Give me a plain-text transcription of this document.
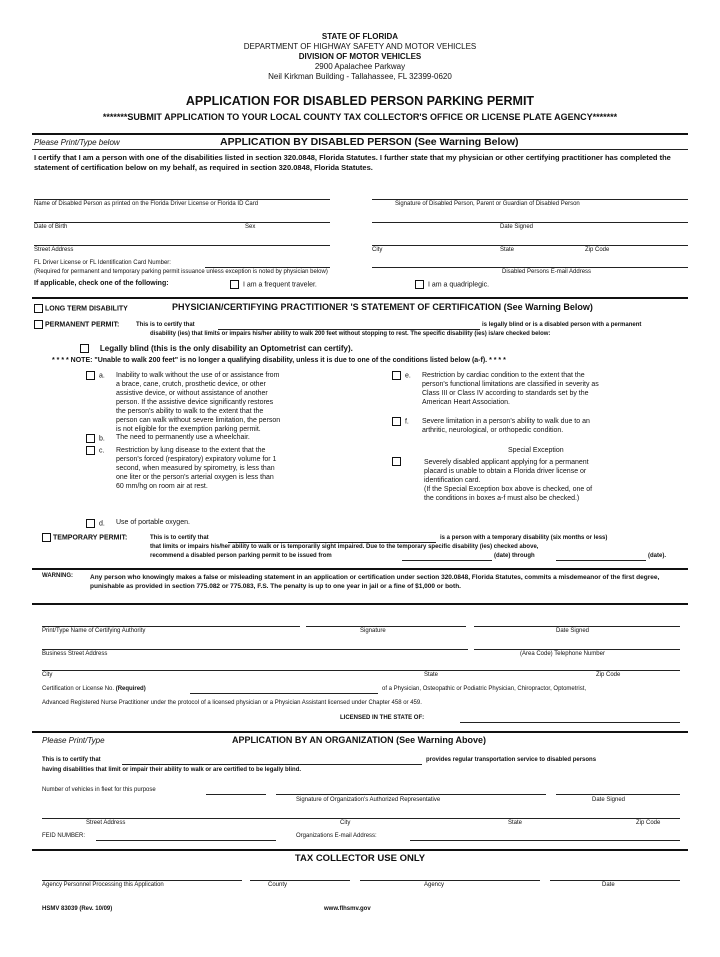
STATE OF FLORIDA
DEPARTMENT OF HIGHWAY SAFETY AND MOTOR VEHICLES
DIVISION OF MOTOR VEHICLES
2900 Apalachee Parkway
Neil Kirkman Building - Tallahassee, FL 32399-0620
APPLICATION FOR DISABLED PERSON PARKING PERMIT
*******SUBMIT APPLICATION TO YOUR LOCAL COUNTY TAX COLLECTOR'S OFFICE OR LICENSE PLATE AGENCY*******
Please Print/Type below	APPLICATION BY DISABLED PERSON (See Warning Below)
I certify that I am a person with one of the disabilities listed in section 320.0848, Florida Statutes. I further state that my physician or other certifying practitioner has completed the statement of certification below on my behalf, as required in section 320.0848, Florida Statutes.
Name of Disabled Person as printed on the Florida Driver License or Florida ID Card	Signature of Disabled Person, Parent or Guardian of Disabled Person
Date of Birth	Sex	Date Signed
Street Address	City	State	Zip Code
FL Driver License or FL Identification Card Number:
(Required for permanent and temporary parking permit issuance unless exception is noted by physician below)	Disabled Persons E-mail Address
If applicable, check one of the following:	I am a frequent traveler.	I am a quadriplegic.
LONG TERM DISABILITY	PHYSICIAN/CERTIFYING PRACTITIONER 'S STATEMENT OF CERTIFICATION (See Warning Below)
PERMANENT PERMIT:	This is to certify that	is legally blind or is a disabled person with a permanent
disability (ies) that limits or impairs his/her ability to walk 200 feet without stopping to rest. The specific disability (ies) is/are checked below:
Legally blind (this is the only disability an Optometrist can certify).
* * * * NOTE: "Unable to walk 200 feet" is no longer a qualifying disability, unless it is due to one of the conditions listed below (a-f). * * * *
a. Inability to walk without the use of or assistance from
a brace, cane, crutch, prosthetic device, or other
assistive device, or without assistance of another
person. If the assistive device significantly restores
the person's ability to walk to the extent that the
person can walk without severe limitation, the person
is not eligible for the exemption parking permit.
b. The need to permanently use a wheelchair.
c. Restriction by lung disease to the extent that the
person's forced (respiratory) expiratory volume for 1
second, when measured by spirometry, is less than
one liter or the person's arterial oxygen is less than
60 mm/hg on room air at rest.
d. Use of portable oxygen.
e. Restriction by cardiac condition to the extent that the
person's functional limitations are classified in severity as
Class III or Class IV according to standards set by the
American Heart Association.
f. Severe limitation in a person's ability to walk due to an
arthritic, neurological, or orthopedic condition.
Special Exception
Severely disabled applicant applying for a permanent
placard is unable to obtain a Florida driver license or
identification card.
(If the Special Exception box above is checked, one of
the conditions in boxes a-f must also be checked.)
TEMPORARY PERMIT:	This is to certify that	is a person with a temporary disability (six months or less)
that limits or impairs his/her ability to walk or is temporarily sight impaired. Due to the temporary specific disability (ies) checked above,
recommend a disabled person parking permit to be issued from	(date) through	(date).
WARNING:	Any person who knowingly makes a false or misleading statement in an application or certification under section 320.0848, Florida Statutes, commits a misdemeanor of the first degree, punishable as provided in section 775.082 or 775.083, F.S. The penalty is up to one year in jail or a fine of $1,000 or both.
Print/Type Name of Certifying Authority	Signature	Date Signed
Business Street Address	(Area Code) Telephone Number
City	State	Zip Code
Certification or License No. (Required)	of a Physician, Osteopathic or Podiatric Physician, Chiropractor, Optometrist,
Advanced Registered Nurse Practitioner under the protocol of a licensed physician or a Physician Assistant licensed under Chapter 458 or 459.
LICENSED IN THE STATE OF:
Please Print/Type	APPLICATION BY AN ORGANIZATION (See Warning Above)
This is to certify that	provides regular transportation service to disabled persons
having disabilities that limit or impair their ability to walk or are certified to be legally blind.
Number of vehicles in fleet for this purpose
Signature of Organization's Authorized Representative	Date Signed
Street Address	City	State	Zip Code
FEID NUMBER:	Organizations E-mail Address:
TAX COLLECTOR USE ONLY
Agency Personnel Processing this Application	County	Agency	Date
HSMV 83039 (Rev. 10/09)	www.flhsmv.gov
